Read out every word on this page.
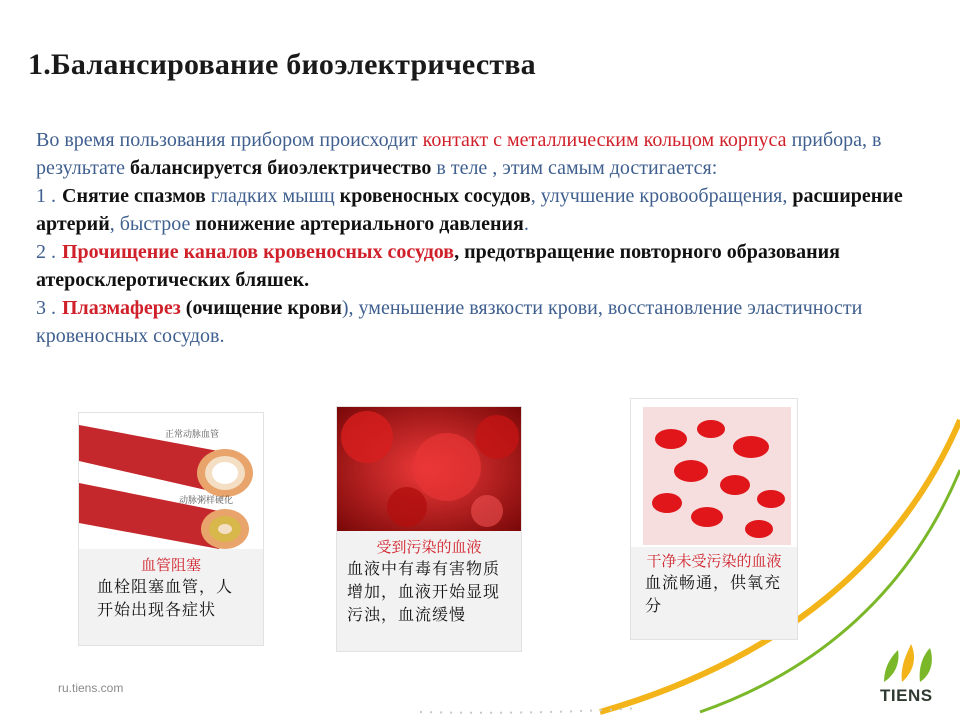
1.Балансирование биоэлектричества
Во время пользования прибором происходит контакт с металлическим кольцом корпуса прибора, в результате балансируется биоэлектричество в теле , этим самым достигается:
1 . Снятие спазмов гладких мышц кровеносных сосудов, улучшение кровообращения, расширение артерий, быстрое понижение артериального давления.
2 . Прочищение каналов кровеносных сосудов, предотвращение повторного образования атеросклеротических бляшек.
3 . Плазмаферез (очищение крови), уменьшение вязкости крови, восстановление эластичности кровеносных сосудов.
正常动脉血管
动脉粥样硬化
血管阻塞
血栓阻塞血管，人开始出现各症状
受到污染的血液
血液中有毒有害物质增加，血液开始显现污浊，血流缓慢
干净未受污染的血液
血流畅通，供氧充分
ru.tiens.com	TIENS
